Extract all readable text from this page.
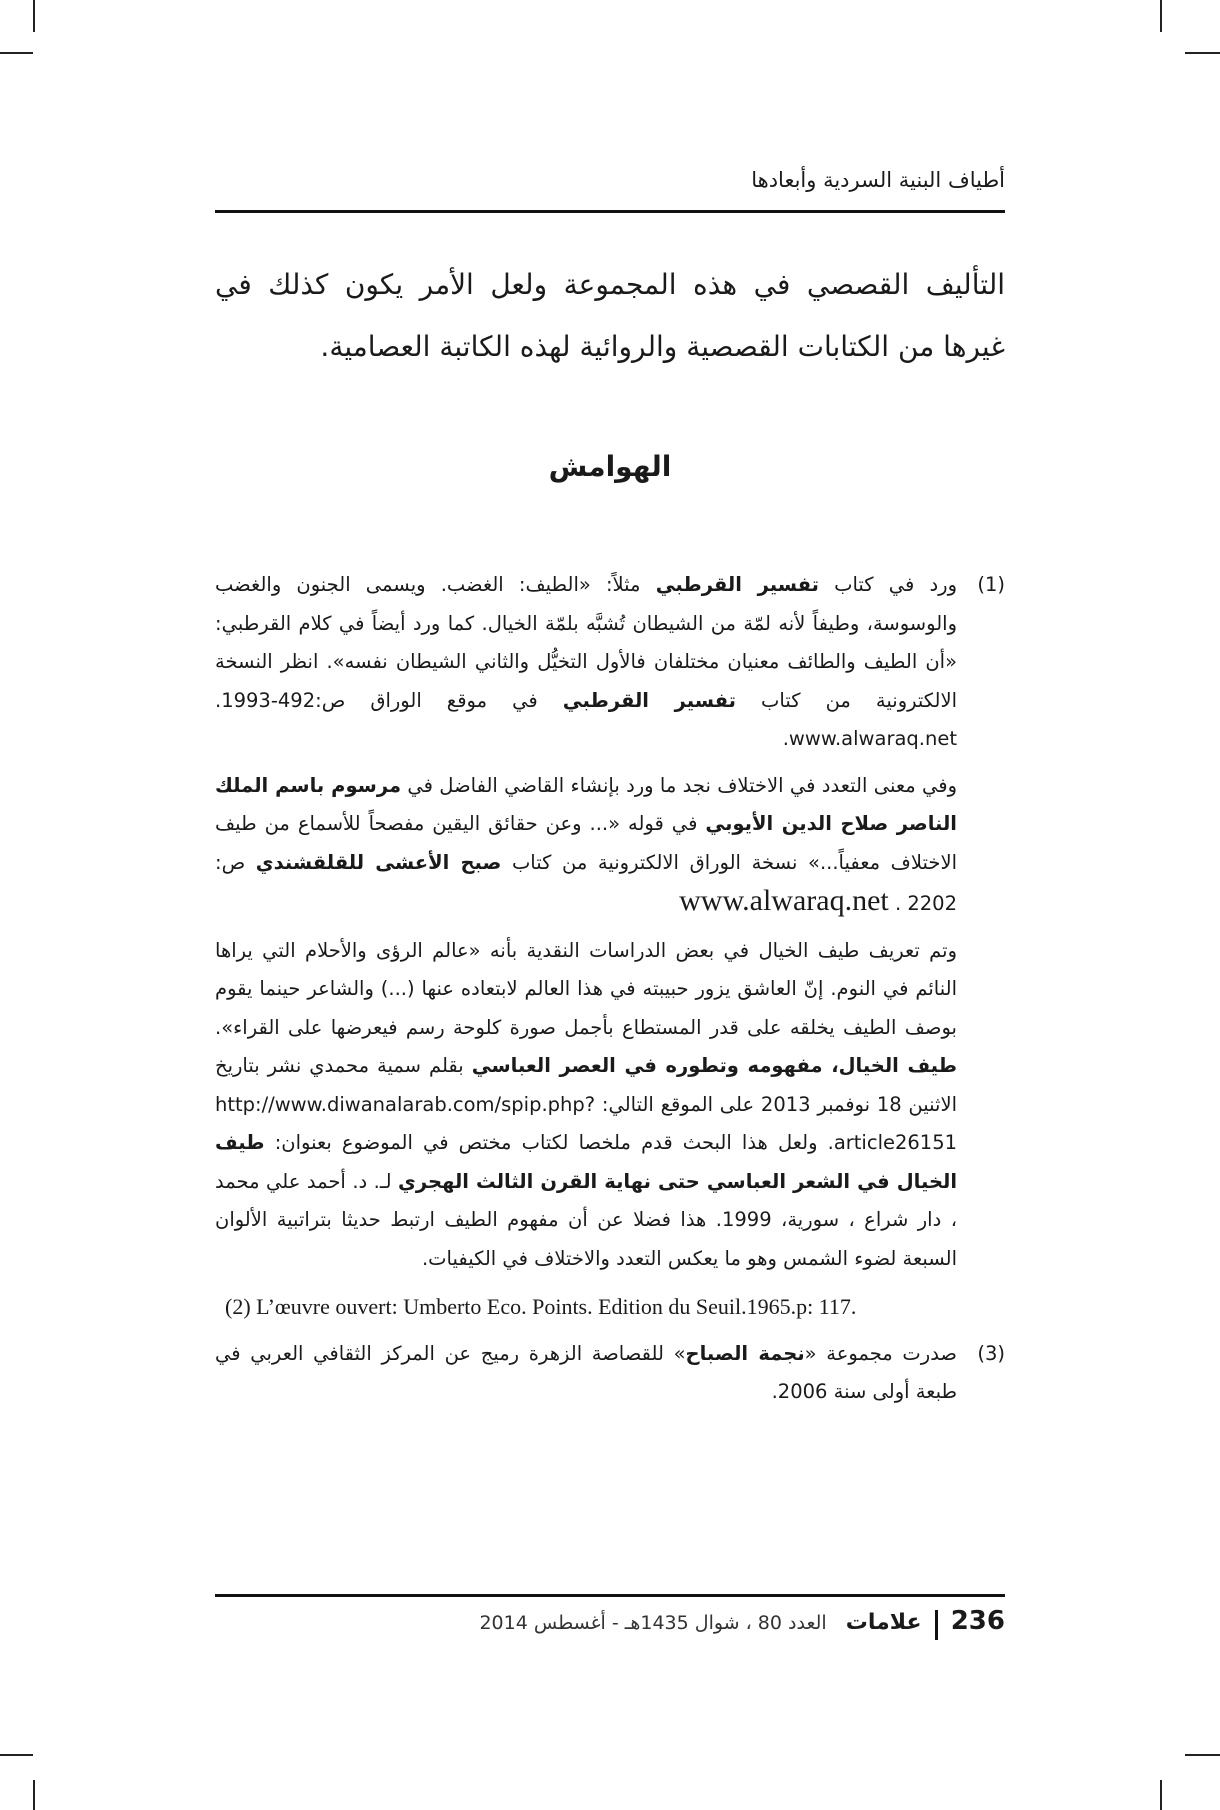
أطياف البنية السردية وأبعادها

التأليف القصصي في هذه المجموعة ولعل الأمر يكون كذلك في غيرها من الكتابات القصصية والروائية لهذه الكاتبة العصامية.

الهوامش
(1)
ورد في كتاب تفسير القرطبي مثلاً: «الطيف: الغضب. ويسمى الجنون والغضب والوسوسة، وطيفاً لأنه لمّة من الشيطان تُشبَّه بلمّة الخيال. كما ورد أيضاً في كلام القرطبي: «أن الطيف والطائف معنيان مختلفان فالأول التخيُّل والثاني الشيطان نفسه». انظر النسخة الالكترونية من كتاب تفسير القرطبي في موقع الوراق ص:492-1993. www.alwaraq.net.
وفي معنى التعدد في الاختلاف نجد ما ورد بإنشاء القاضي الفاضل في مرسوم باسم الملك الناصر صلاح الدين الأيوبي في قوله «... وعن حقائق اليقين مفصحاً للأسماع من طيف الاختلاف معفياً...» نسخة الوراق الالكترونية من كتاب صبح الأعشى للقلقشندي ص: 2202 . www.alwaraq.net
وتم تعريف طيف الخيال في بعض الدراسات النقدية بأنه «عالم الرؤى والأحلام التي يراها النائم في النوم. إنّ العاشق يزور حبيبته في هذا العالم لابتعاده عنها (...) والشاعر حينما يقوم بوصف الطيف يخلقه على قدر المستطاع بأجمل صورة كلوحة رسم فيعرضها على القراء». طيف الخيال، مفهومه وتطوره في العصر العباسي بقلم سمية محمدي نشر بتاريخ الاثنين 18 نوفمبر 2013 على الموقع التالي: http://www.diwanalarab.com/spip.php?article26151. ولعل هذا البحث قدم ملخصا لكتاب مختص في الموضوع بعنوان: طيف الخيال في الشعر العباسي حتى نهاية القرن الثالث الهجري لـ. د. أحمد علي محمد ، دار شراع ، سورية، 1999. هذا فضلا عن أن مفهوم الطيف ارتبط حديثا بتراتبية الألوان السبعة لضوء الشمس وهو ما يعكس التعدد والاختلاف في الكيفيات.
(2) L’œuvre ouvert: Umberto Eco. Points. Edition du Seuil.1965.p: 117.
(3)
صدرت مجموعة «نجمة الصباح» للقصاصة الزهرة رميج عن المركز الثقافي العربي في طبعة أولى سنة 2006.
236  علامات العدد 80 ، شوال 1435هـ - أغسطس 2014
